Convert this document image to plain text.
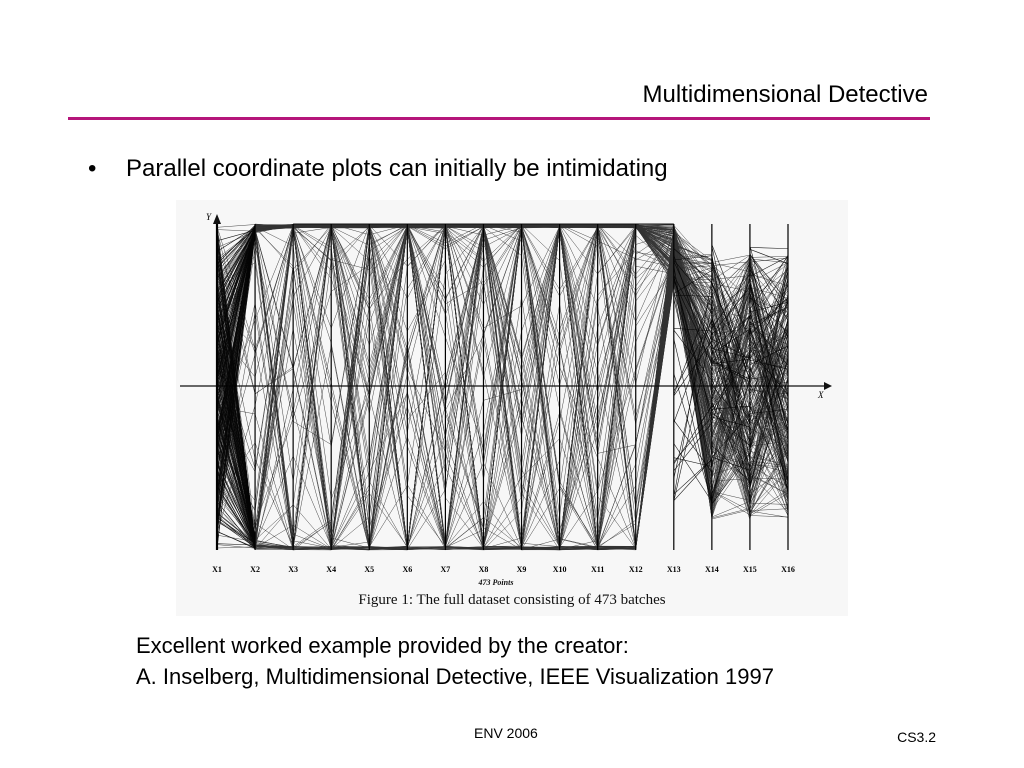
Multidimensional Detective
• Parallel coordinate plots can initially be intimidating
X
Y
X1	X2	X3	X4	X5	X6	X7	X8	X9	X10	X11	X12	X13	X14	X15	X16
473 Points
Figure 1: The full dataset consisting of 473 batches
Excellent worked example provided by the creator:
A. Inselberg, Multidimensional Detective, IEEE Visualization 1997
ENV 2006	CS3.2
